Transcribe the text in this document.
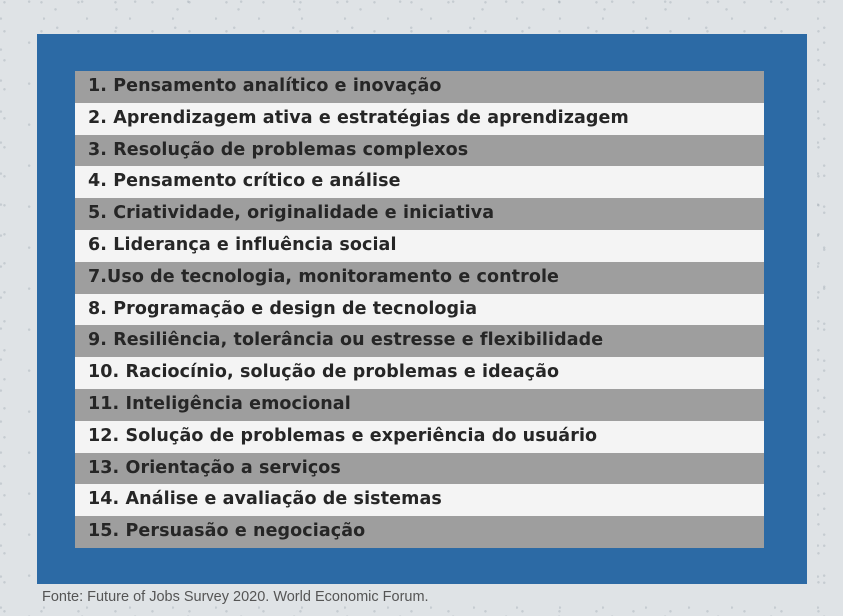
1. Pensamento analítico e inovação
2. Aprendizagem ativa e estratégias de aprendizagem
3. Resolução de problemas complexos
4. Pensamento crítico e análise
5. Criatividade, originalidade e iniciativa
6. Liderança e influência social
7.Uso de tecnologia, monitoramento e controle
8. Programação e design de tecnologia
9. Resiliência, tolerância ou estresse e flexibilidade
10. Raciocínio, solução de problemas e ideação
11. Inteligência emocional
12. Solução de problemas e experiência do usuário
13. Orientação a serviços
14. Análise e avaliação de sistemas
15. Persuasão e negociação
Fonte: Future of Jobs Survey 2020. World Economic Forum.
